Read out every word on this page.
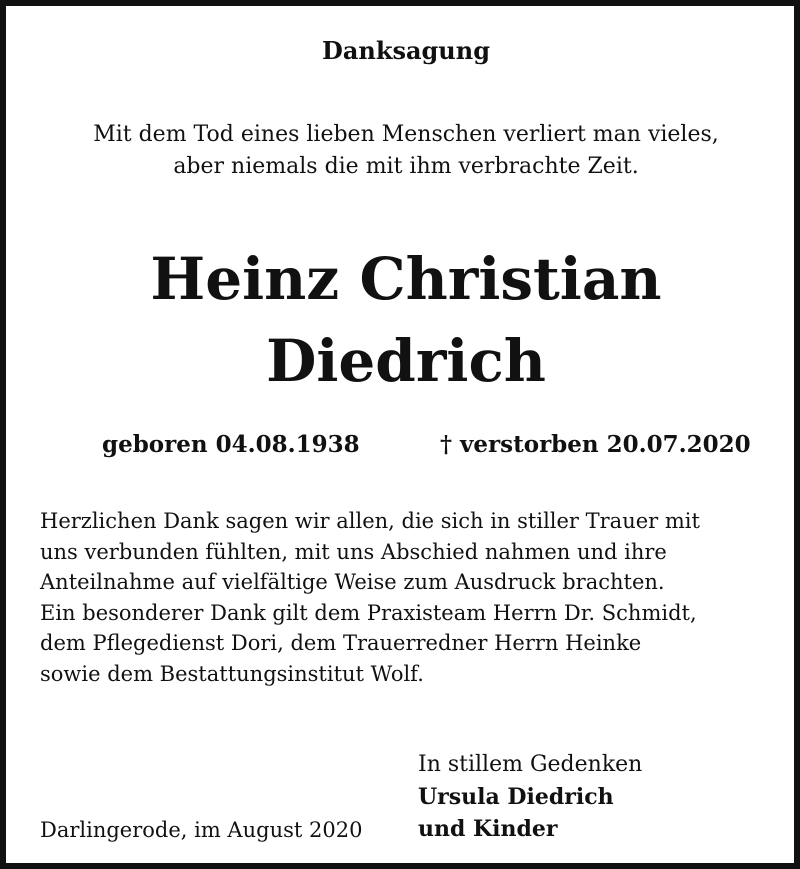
Danksagung
Mit dem Tod eines lieben Menschen verliert man vieles,
aber niemals die mit ihm verbrachte Zeit.
Heinz Christian
Diedrich
geboren 04.08.1938	† verstorben 20.07.2020
Herzlichen Dank sagen wir allen, die sich in stiller Trauer mit
uns verbunden fühlten, mit uns Abschied nahmen und ihre
Anteilnahme auf vielfältige Weise zum Ausdruck brachten.
Ein besonderer Dank gilt dem Praxisteam Herrn Dr. Schmidt,
dem Pflegedienst Dori, dem Trauerredner Herrn Heinke
sowie dem Bestattungsinstitut Wolf.
Darlingerode, im August 2020
In stillem Gedenken
Ursula Diedrich
und Kinder
